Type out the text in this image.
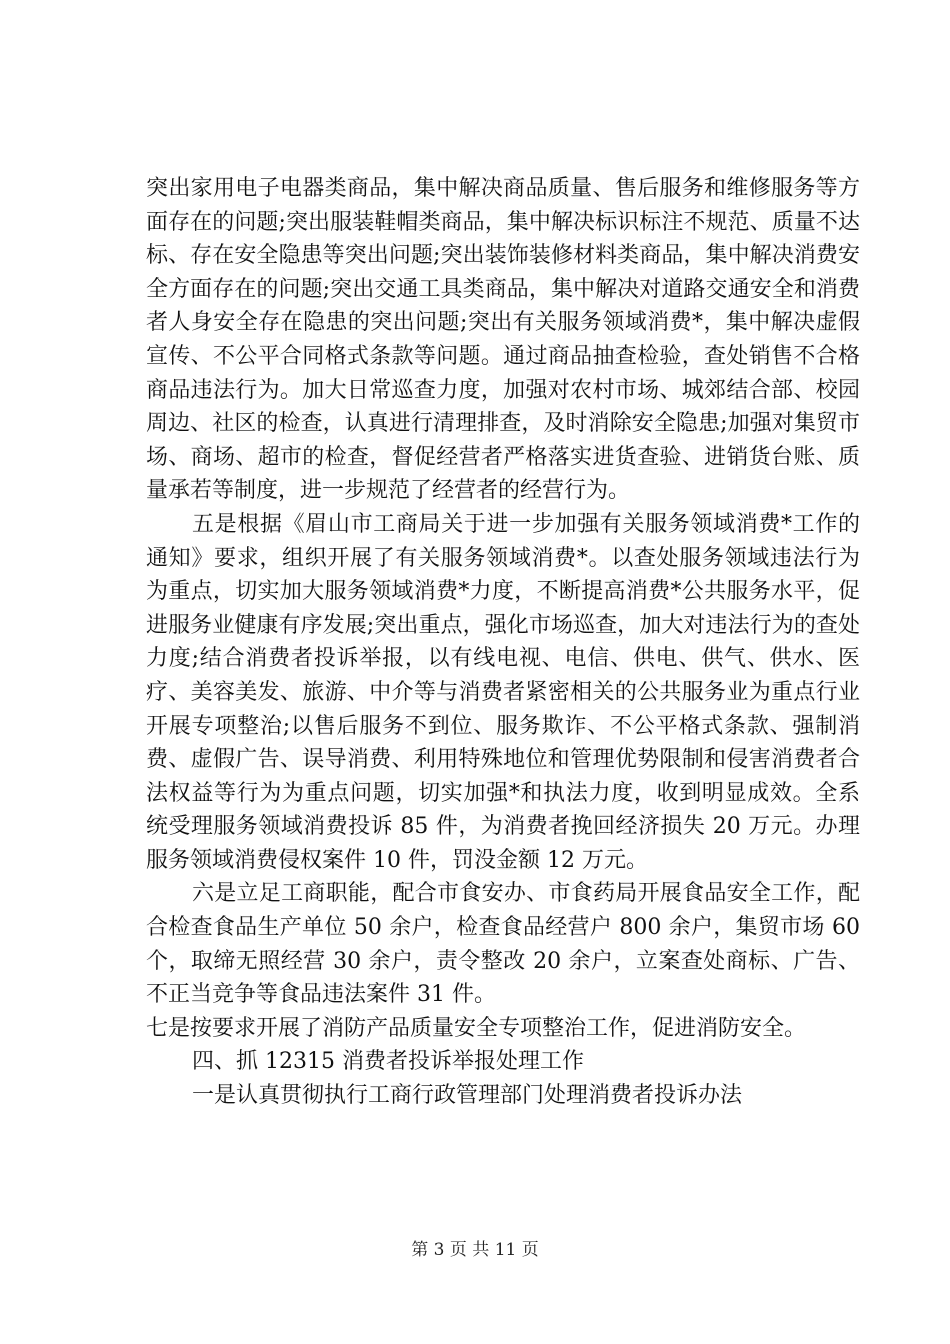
突出家用电子电器类商品，集中解决商品质量、售后服务和维修服务等方面存在的问题;突出服装鞋帽类商品，集中解决标识标注不规范、质量不达标、存在安全隐患等突出问题;突出装饰装修材料类商品，集中解决消费安全方面存在的问题;突出交通工具类商品，集中解决对道路交通安全和消费者人身安全存在隐患的突出问题;突出有关服务领域消费*，集中解决虚假宣传、不公平合同格式条款等问题。通过商品抽查检验，查处销售不合格商品违法行为。加大日常巡查力度，加强对农村市场、城郊结合部、校园周边、社区的检查，认真进行清理排查，及时消除安全隐患;加强对集贸市场、商场、超市的检查，督促经营者严格落实进货查验、进销货台账、质量承若等制度，进一步规范了经营者的经营行为。

五是根据《眉山市工商局关于进一步加强有关服务领域消费*工作的通知》要求，组织开展了有关服务领域消费*。以查处服务领域违法行为为重点，切实加大服务领域消费*力度，不断提高消费*公共服务水平，促进服务业健康有序发展;突出重点，强化市场巡查，加大对违法行为的查处力度;结合消费者投诉举报，以有线电视、电信、供电、供气、供水、医疗、美容美发、旅游、中介等与消费者紧密相关的公共服务业为重点行业开展专项整治;以售后服务不到位、服务欺诈、不公平格式条款、强制消费、虚假广告、误导消费、利用特殊地位和管理优势限制和侵害消费者合法权益等行为为重点问题，切实加强*和执法力度，收到明显成效。全系统受理服务领域消费投诉 85 件，为消费者挽回经济损失 20 万元。办理服务领域消费侵权案件 10 件，罚没金额 12 万元。

六是立足工商职能，配合市食安办、市食药局开展食品安全工作，配合检查食品生产单位 50 余户，检查食品经营户 800 余户，集贸市场 60 个，取缔无照经营 30 余户，责令整改 20 余户，立案查处商标、广告、不正当竞争等食品违法案件 31 件。

七是按要求开展了消防产品质量安全专项整治工作，促进消防安全。

四、抓 12315 消费者投诉举报处理工作

一是认真贯彻执行工商行政管理部门处理消费者投诉办法

第 3 页 共 11 页
